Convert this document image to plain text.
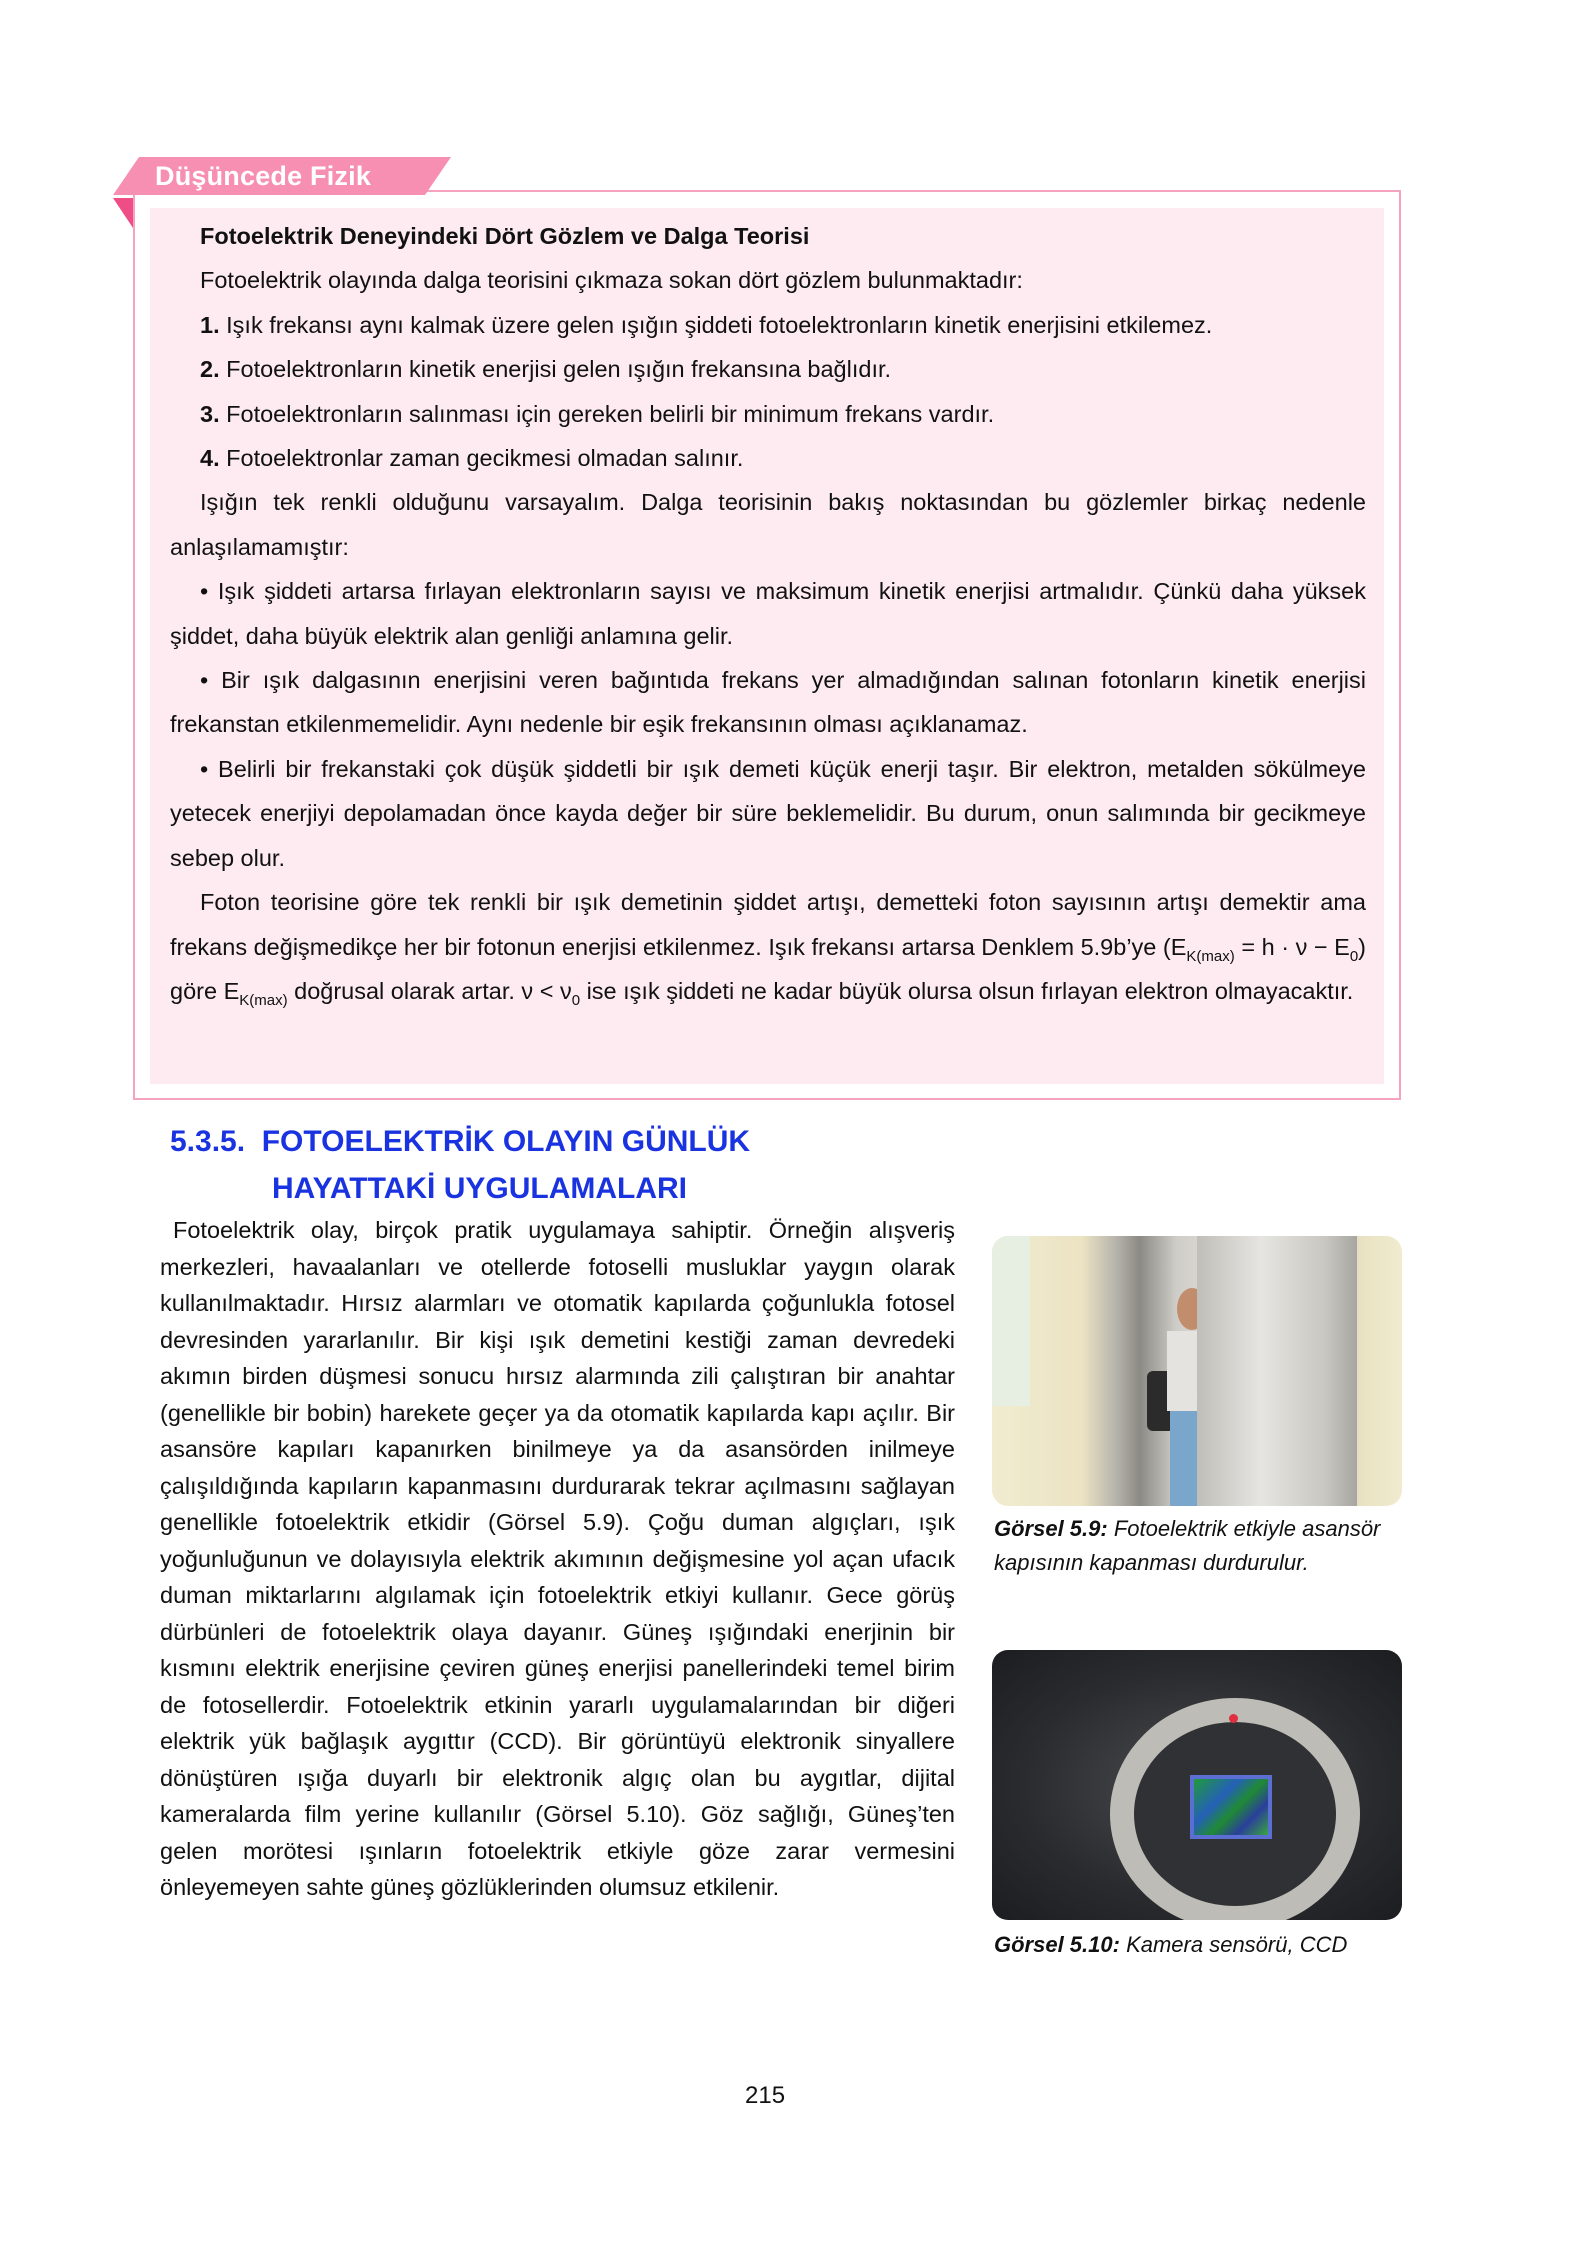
Düşüncede Fizik

Fotoelektrik Deneyindeki Dört Gözlem ve Dalga Teorisi

Fotoelektrik olayında dalga teorisini çıkmaza sokan dört gözlem bulunmaktadır:

1. Işık frekansı aynı kalmak üzere gelen ışığın şiddeti fotoelektronların kinetik enerjisini etkilemez.

2. Fotoelektronların kinetik enerjisi gelen ışığın frekansına bağlıdır.

3. Fotoelektronların salınması için gereken belirli bir minimum frekans vardır.

4. Fotoelektronlar zaman gecikmesi olmadan salınır.

Işığın tek renkli olduğunu varsayalım. Dalga teorisinin bakış noktasından bu gözlemler birkaç nedenle anlaşılamamıştır:

• Işık şiddeti artarsa fırlayan elektronların sayısı ve maksimum kinetik enerjisi artmalıdır. Çünkü daha yüksek şiddet, daha büyük elektrik alan genliği anlamına gelir.

• Bir ışık dalgasının enerjisini veren bağıntıda frekans yer almadığından salınan fotonların kinetik enerjisi frekanstan etkilenmemelidir. Aynı nedenle bir eşik frekansının olması açıklanamaz.

• Belirli bir frekanstaki çok düşük şiddetli bir ışık demeti küçük enerji taşır. Bir elektron, metalden sökülmeye yetecek enerjiyi depolamadan önce kayda değer bir süre beklemelidir. Bu durum, onun salımında bir gecikmeye sebep olur.

Foton teorisine göre tek renkli bir ışık demetinin şiddet artışı, demetteki foton sayısının artışı demektir ama frekans değişmedikçe her bir fotonun enerjisi etkilenmez. Işık frekansı artarsa Denklem 5.9b’ye $(E_{K(max)} = h \cdot \nu - E_0)$ göre $E_{K(max)}$ doğrusal olarak artar. $\nu < \nu_0$ ise ışık şiddeti ne kadar büyük olursa olsun fırlayan elektron olmayacaktır.

5.3.5.  FOTOELEKTRİK OLAYIN GÜNLÜK
HAYATTAKİ UYGULAMALARI

Fotoelektrik olay, birçok pratik uygulamaya sahiptir. Örneğin alışveriş merkezleri, havaalanları ve otellerde fotoselli musluklar yaygın olarak kullanılmaktadır. Hırsız alarmları ve otomatik kapılarda çoğunlukla fotosel devresinden yararlanılır. Bir kişi ışık demetini kestiği zaman devredeki akımın birden düşmesi sonucu hırsız alarmında zili çalıştıran bir anahtar (genellikle bir bobin) harekete geçer ya da otomatik kapılarda kapı açılır. Bir asansöre kapıları kapanırken binilmeye ya da asansörden inilmeye çalışıldığında kapıların kapanmasını durdurarak tekrar açılmasını sağlayan genellikle fotoelektrik etkidir (Görsel 5.9). Çoğu duman algıçları, ışık yoğunluğunun ve dolayısıyla elektrik akımının değişmesine yol açan ufacık duman miktarlarını algılamak için fotoelektrik etkiyi kullanır. Gece görüş dürbünleri de fotoelektrik olaya dayanır. Güneş ışığındaki enerjinin bir kısmını elektrik enerjisine çeviren güneş enerjisi panellerindeki temel birim de fotosellerdir. Fotoelektrik etkinin yararlı uygulamalarından bir diğeri elektrik yük bağlaşık aygıttır (CCD). Bir görüntüyü elektronik sinyallere dönüştüren ışığa duyarlı bir elektronik algıç olan bu aygıtlar, dijital kameralarda film yerine kullanılır (Görsel 5.10). Göz sağlığı, Güneş’ten gelen morötesi ışınların fotoelektrik etkiyle göze zarar vermesini önleyemeyen sahte güneş gözlüklerinden olumsuz etkilenir.

Görsel 5.9: Fotoelektrik etkiyle asansör kapısının kapanması durdurulur.
Görsel 5.10: Kamera sensörü, CCD
215
